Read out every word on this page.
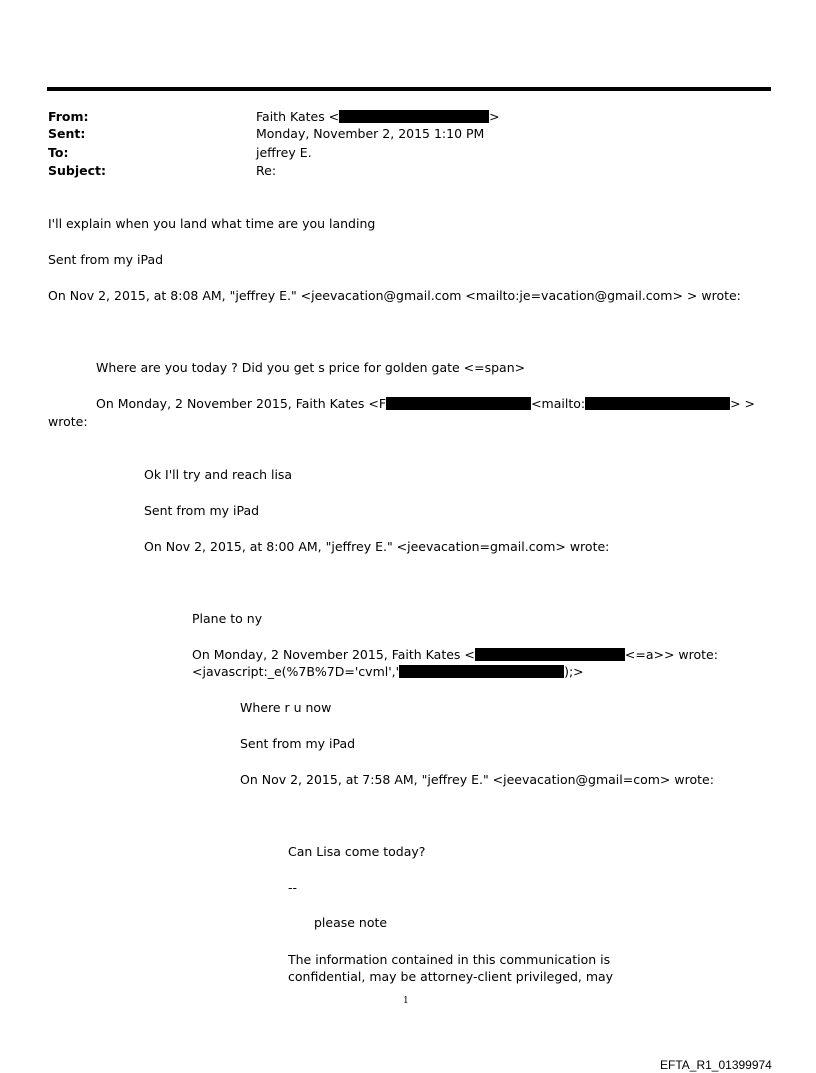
From:	Faith Kates <	>
Sent:	Monday, November 2, 2015 1:10 PM
To:	jeffrey E.
Subject:	Re:
I'll explain when you land what time are you landing
Sent from my iPad
On Nov 2, 2015, at 8:08 AM, "jeffrey E." <jeevacation@gmail.com <mailto:je=vacation@gmail.com> > wrote:
Where are you today ? Did you get s price for golden gate <=span>
On Monday, 2 November 2015, Faith Kates <F	<mailto:	> >
wrote:
Ok I'll try and reach lisa
Sent from my iPad
On Nov 2, 2015, at 8:00 AM, "jeffrey E." <jeevacation=gmail.com> wrote:
Plane to ny
On Monday, 2 November 2015, Faith Kates <	<=a>> wrote:
<javascript:_e(%7B%7D='cvml','	);>
Where r u now
Sent from my iPad
On Nov 2, 2015, at 7:58 AM, "jeffrey E." <jeevacation@gmail=com> wrote:
Can Lisa come today?
--
please note
The information contained in this communication is
confidential, may be attorney-client privileged, may
1
EFTA_R1_01399974
